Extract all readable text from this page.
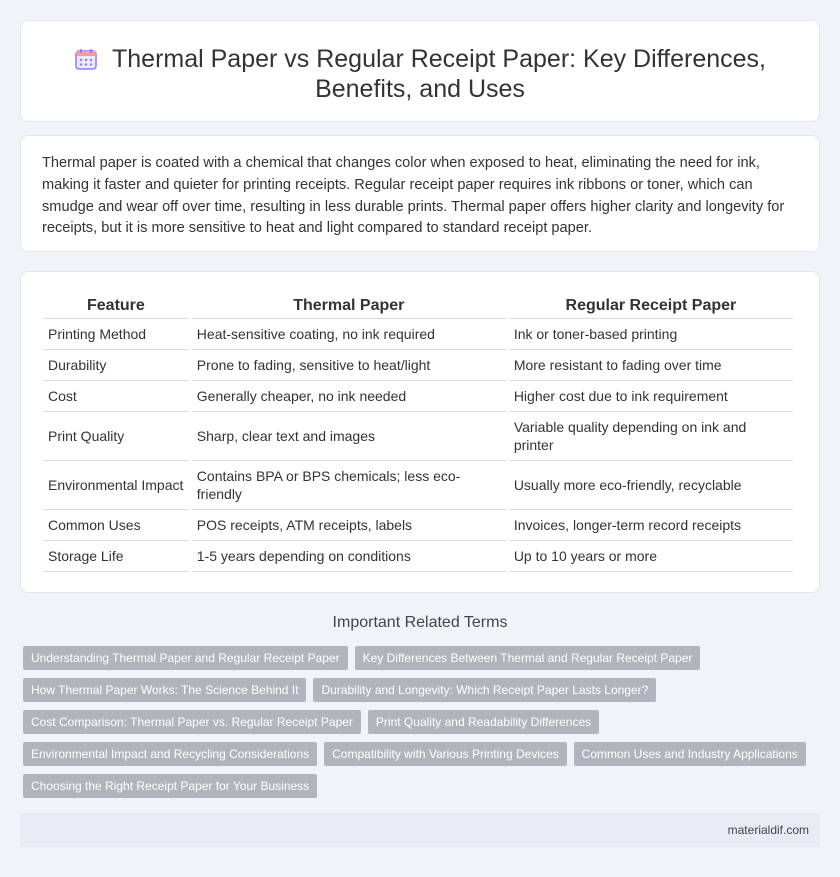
Thermal Paper vs Regular Receipt Paper: Key Differences,
Benefits, and Uses

Thermal paper is coated with a chemical that changes color when exposed to heat, eliminating the need for ink, making it faster and quieter for printing receipts. Regular receipt paper requires ink ribbons or toner, which can smudge and wear off over time, resulting in less durable prints. Thermal paper offers higher clarity and longevity for receipts, but it is more sensitive to heat and light compared to standard receipt paper.

Feature	Thermal Paper	Regular Receipt Paper
Printing Method	Heat-sensitive coating, no ink required	Ink or toner-based printing
Durability	Prone to fading, sensitive to heat/light	More resistant to fading over time
Cost	Generally cheaper, no ink needed	Higher cost due to ink requirement
Print Quality	Sharp, clear text and images	Variable quality depending on ink and printer
Environmental Impact	Contains BPA or BPS chemicals; less eco-friendly	Usually more eco-friendly, recyclable
Common Uses	POS receipts, ATM receipts, labels	Invoices, longer-term record receipts
Storage Life	1-5 years depending on conditions	Up to 10 years or more
Important Related Terms
Understanding Thermal Paper and Regular Receipt Paper	Key Differences Between Thermal and Regular Receipt Paper
How Thermal Paper Works: The Science Behind It	Durability and Longevity: Which Receipt Paper Lasts Longer?
Cost Comparison: Thermal Paper vs. Regular Receipt Paper	Print Quality and Readability Differences
Environmental Impact and Recycling Considerations	Compatibility with Various Printing Devices	Common Uses and Industry Applications
Choosing the Right Receipt Paper for Your Business
materialdif.com
